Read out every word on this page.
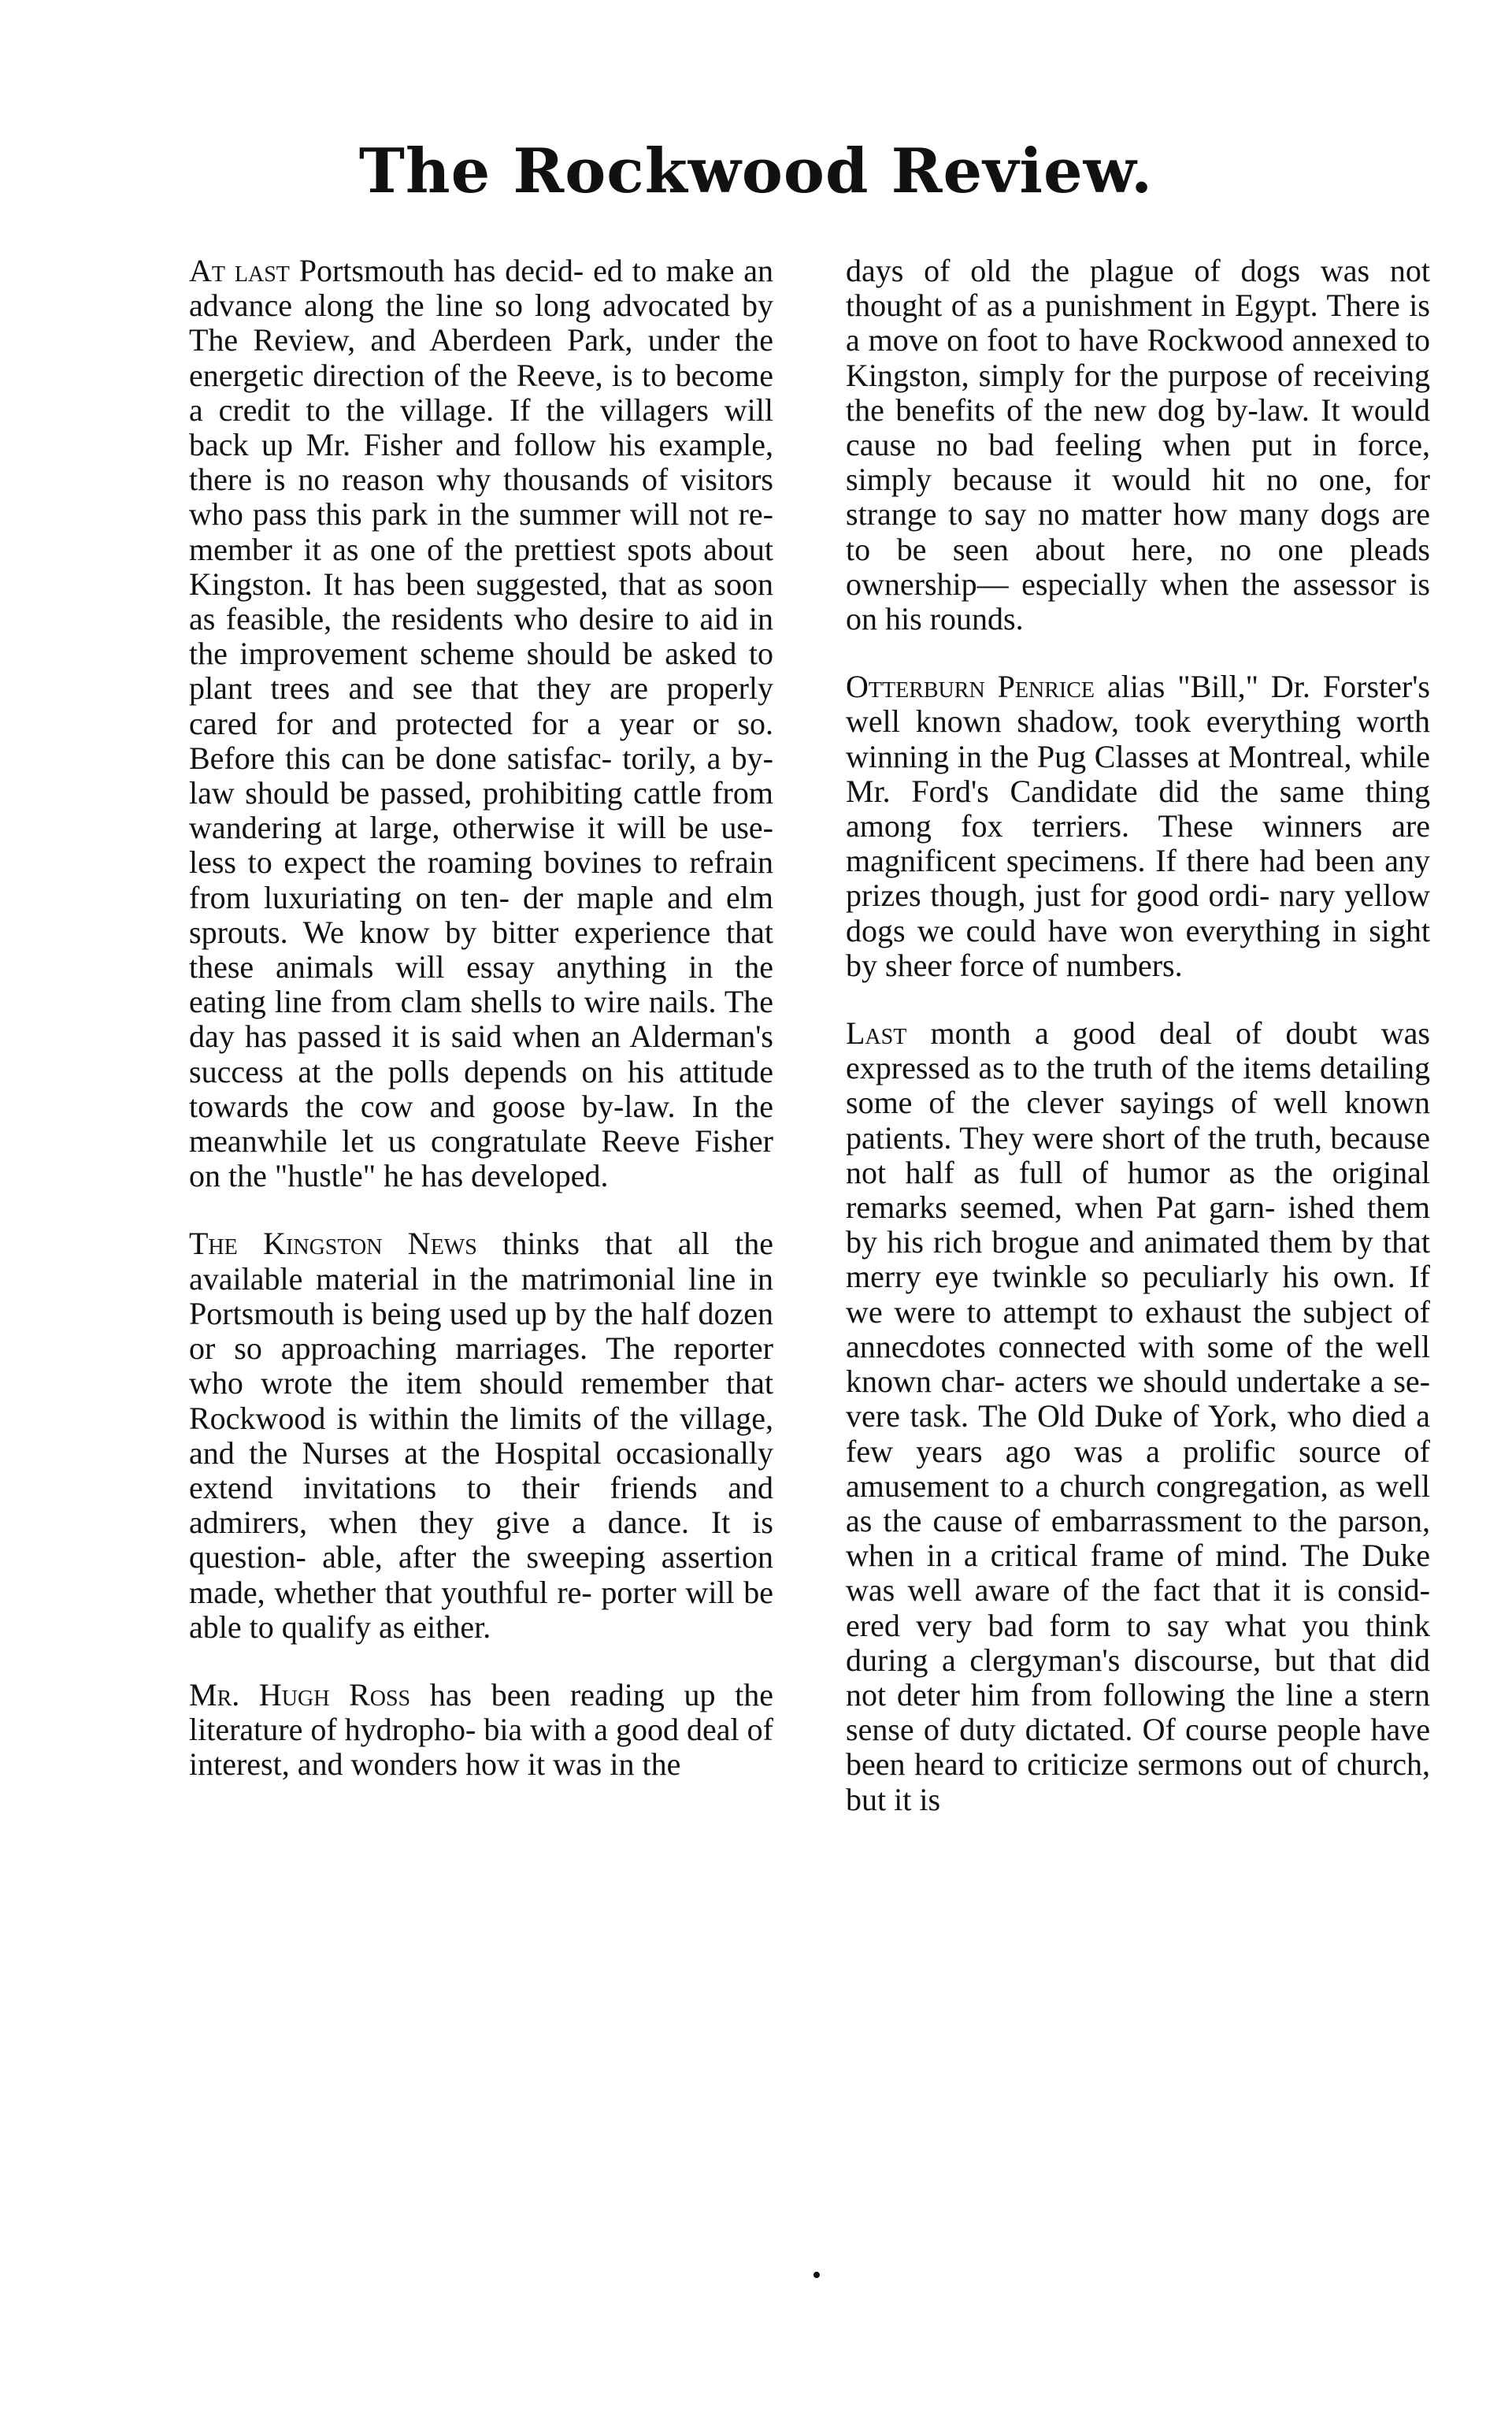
The Rockwood Review.

At last Portsmouth has decid- ed to make an advance along the line so long advocated by The Review, and Aberdeen Park, under the energetic direction of the Reeve, is to become a credit to the village. If the villagers will back up Mr. Fisher and follow his example, there is no reason why thousands of visitors who pass this park in the summer will not re- member it as one of the prettiest spots about Kingston. It has been suggested, that as soon as feasible, the residents who desire to aid in the improvement scheme should be asked to plant trees and see that they are properly cared for and protected for a year or so. Before this can be done satisfac- torily, a by-law should be passed, prohibiting cattle from wandering at large, otherwise it will be use- less to expect the roaming bovines to refrain from luxuriating on ten- der maple and elm sprouts. We know by bitter experience that these animals will essay anything in the eating line from clam shells to wire nails. The day has passed it is said when an Alderman's success at the polls depends on his attitude towards the cow and goose by-law. In the meanwhile let us congratulate Reeve Fisher on the "hustle" he has developed.

The Kingston News thinks that all the available material in the matrimonial line in Portsmouth is being used up by the half dozen or so approaching marriages. The reporter who wrote the item should remember that Rockwood is within the limits of the village, and the Nurses at the Hospital occasionally extend invitations to their friends and admirers, when they give a dance. It is question- able, after the sweeping assertion made, whether that youthful re- porter will be able to qualify as either.

Mr. Hugh Ross has been reading up the literature of hydropho- bia with a good deal of interest, and wonders how it was in the

days of old the plague of dogs was not thought of as a punishment in Egypt. There is a move on foot to have Rockwood annexed to Kingston, simply for the purpose of receiving the benefits of the new dog by-law. It would cause no bad feeling when put in force, simply because it would hit no one, for strange to say no matter how many dogs are to be seen about here, no one pleads ownership— especially when the assessor is on his rounds.

Otterburn Penrice alias "Bill," Dr. Forster's well known shadow, took everything worth winning in the Pug Classes at Montreal, while Mr. Ford's Candidate did the same thing among fox terriers. These winners are magnificent specimens. If there had been any prizes though, just for good ordi- nary yellow dogs we could have won everything in sight by sheer force of numbers.

Last month a good deal of doubt was expressed as to the truth of the items detailing some of the clever sayings of well known patients. They were short of the truth, because not half as full of humor as the original remarks seemed, when Pat garn- ished them by his rich brogue and animated them by that merry eye twinkle so peculiarly his own. If we were to attempt to exhaust the subject of annecdotes connected with some of the well known char- acters we should undertake a se- vere task. The Old Duke of York, who died a few years ago was a prolific source of amusement to a church congregation, as well as the cause of embarrassment to the parson, when in a critical frame of mind. The Duke was well aware of the fact that it is consid- ered very bad form to say what you think during a clergyman's discourse, but that did not deter him from following the line a stern sense of duty dictated. Of course people have been heard to criticize sermons out of church, but it is

•
